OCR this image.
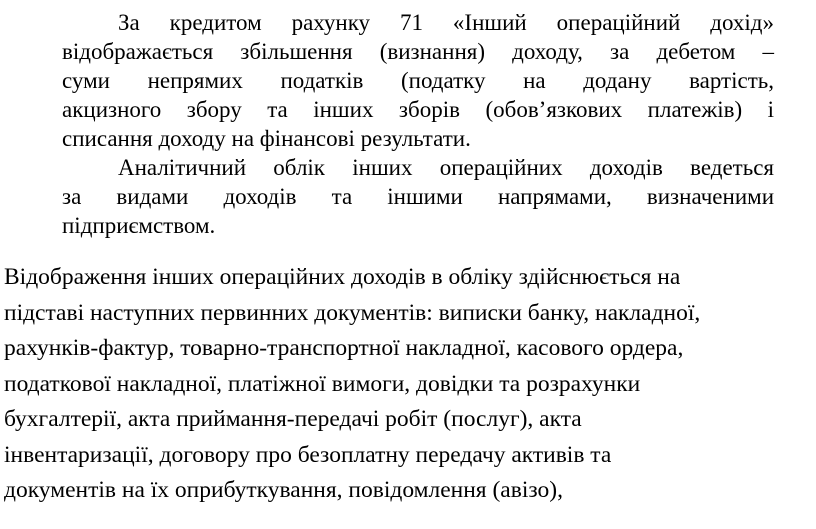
За кредитом рахунку 71 «Інший операційний дохід»
відображається збільшення (визнання) доходу, за дебетом –
суми непрямих податків (податку на додану вартість,
акцизного збору та інших зборів (обов’язкових платежів) і
списання доходу на фінансові результати.

Аналітичний облік інших операційних доходів ведеться
за видами доходів та іншими напрямами, визначеними
підприємством.

Відображення інших операційних доходів в обліку здійснюється на
підставі наступних первинних документів: виписки банку, накладної,
рахунків-фактур, товарно-транспортної накладної, касового ордера,
податкової накладної, платіжної вимоги, довідки та розрахунки
бухгалтерії, акта приймання-передачі робіт (послуг), акта
інвентаризації, договору про безоплатну передачу активів та
документів на їх оприбуткування, повідомлення (авізо),
